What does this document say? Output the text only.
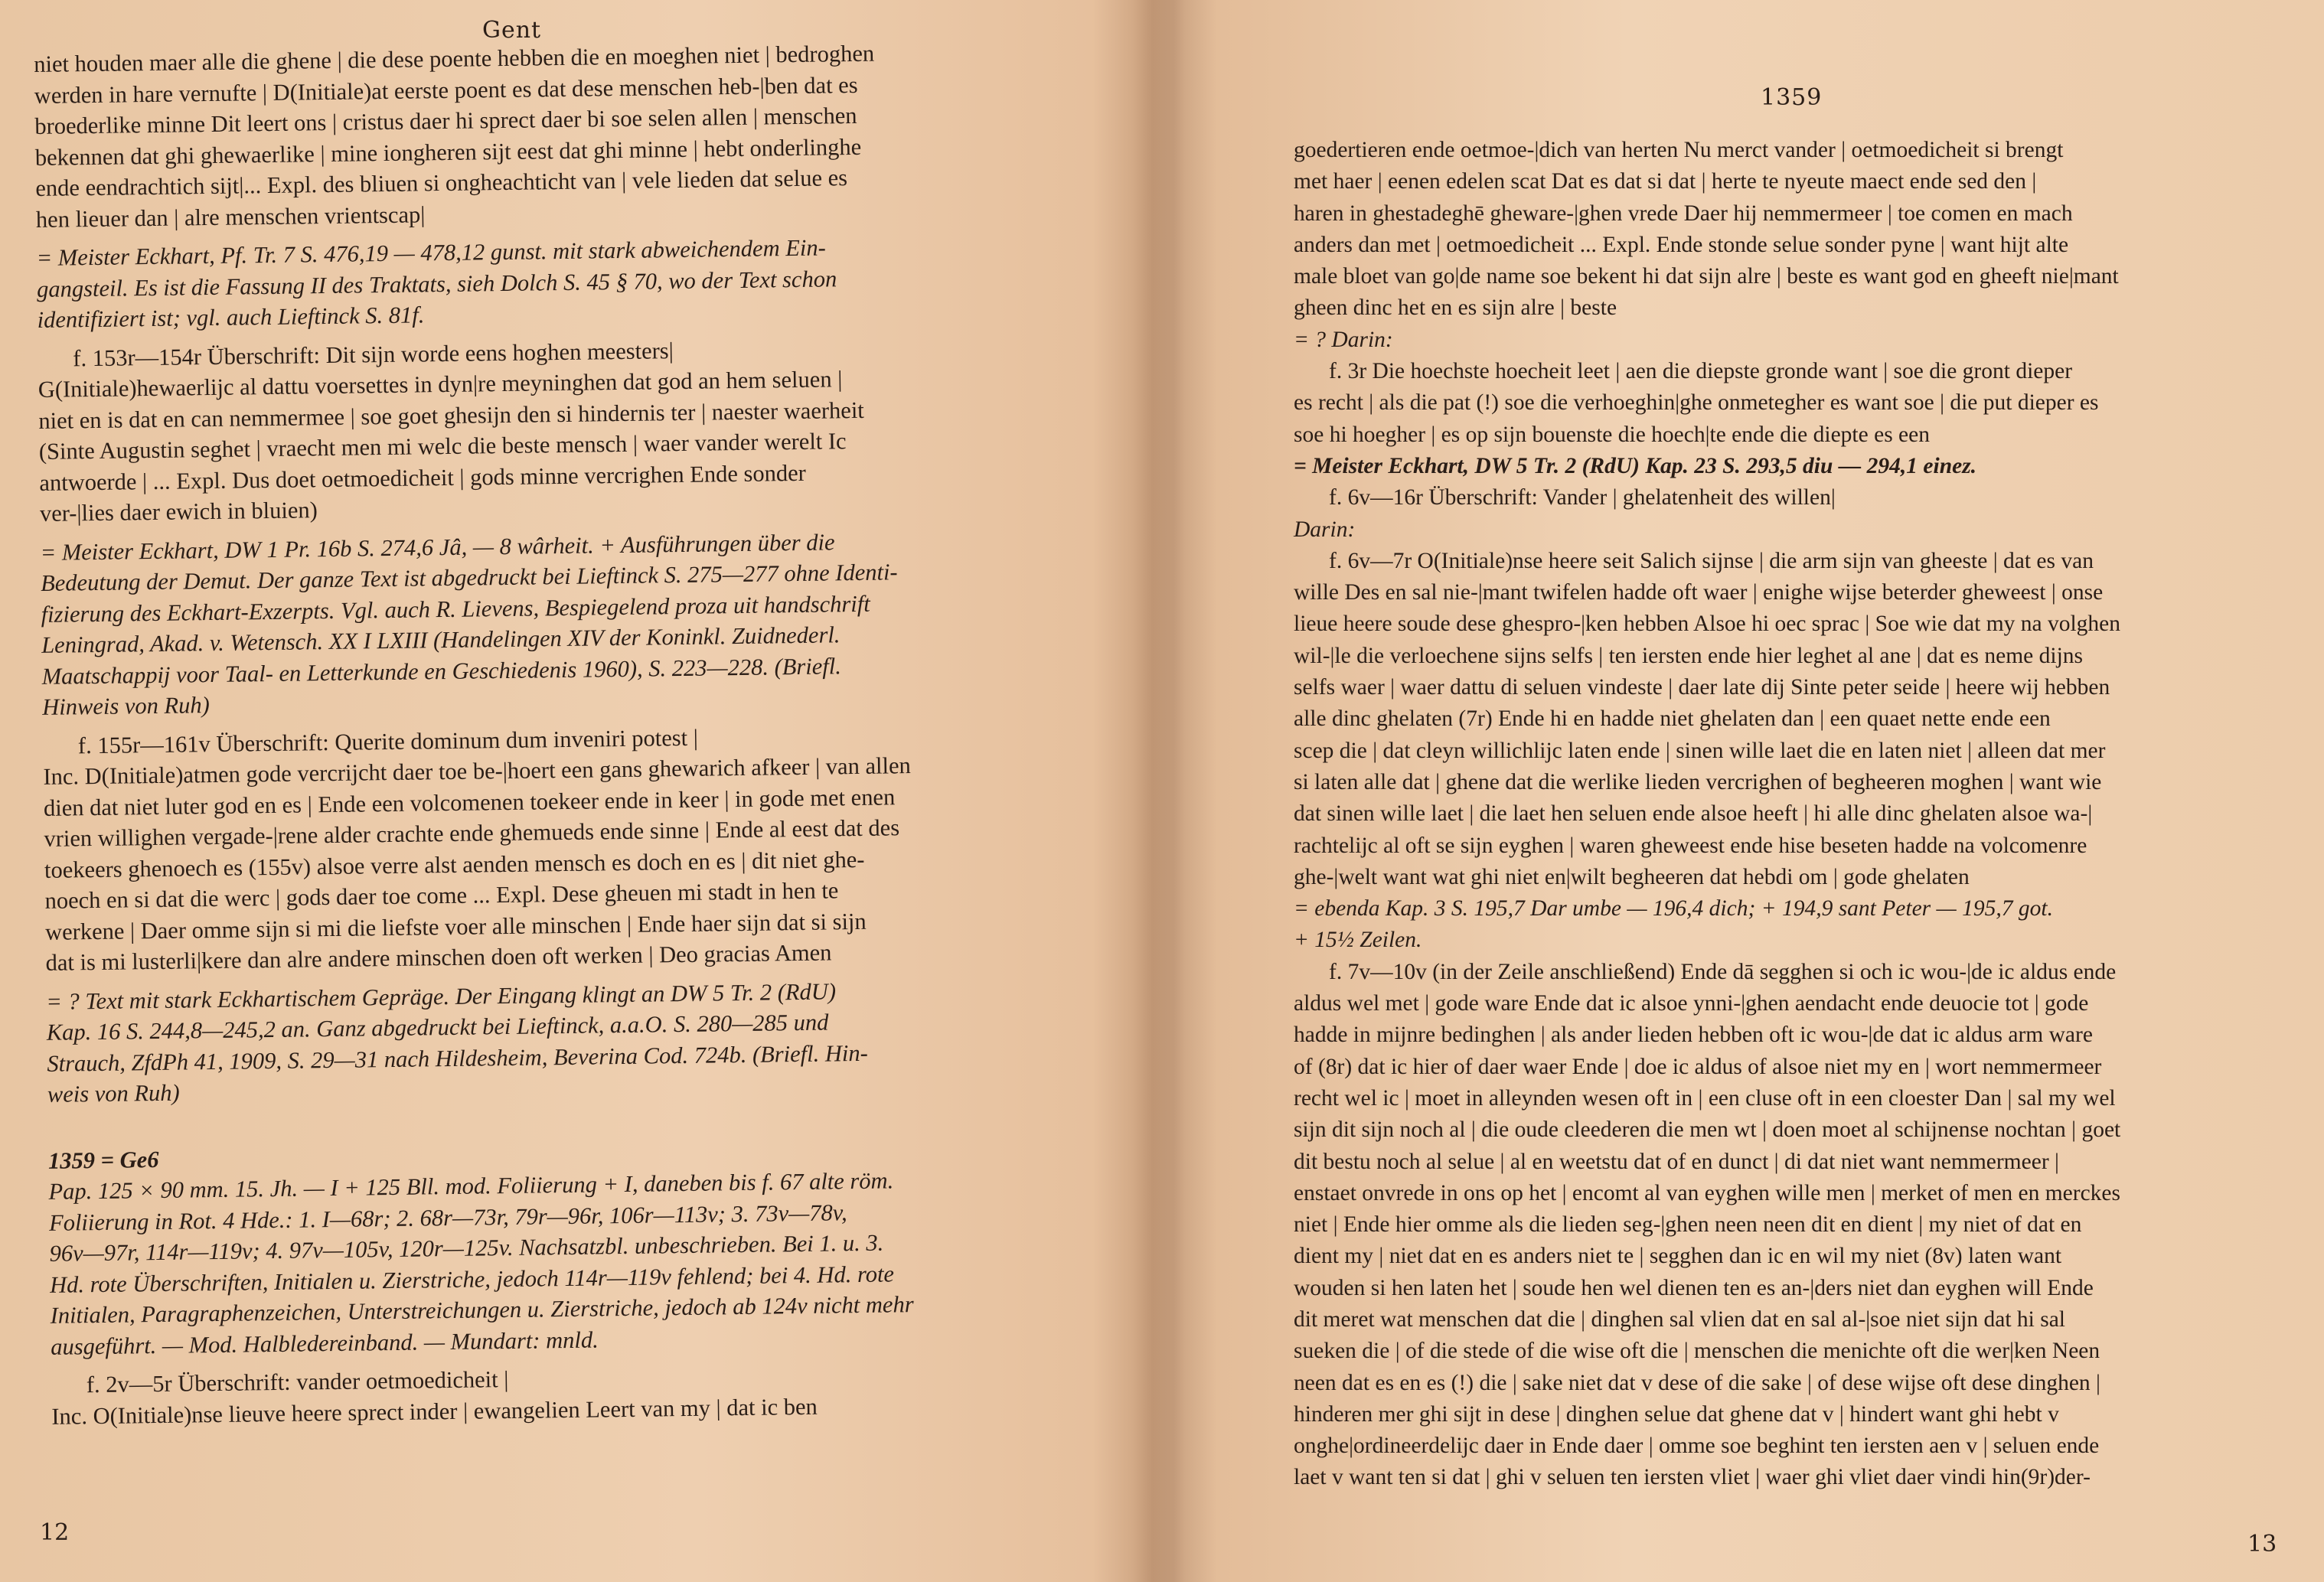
Gent
niet houden maer alle die ghene | die dese poente hebben die en moeghen niet | bedroghen
werden in hare vernufte | D(Initiale)at eerste poent es dat dese menschen heb-|ben dat es
broederlike minne Dit leert ons | cristus daer hi sprect daer bi soe selen allen | menschen
bekennen dat ghi ghewaerlike | mine iongheren sijt eest dat ghi minne | hebt onderlinghe
ende eendrachtich sijt|... Expl. des bliuen si ongheachticht van | vele lieden dat selue es
hen lieuer dan | alre menschen vrientscap|
= Meister Eckhart, Pf. Tr. 7 S. 476,19 — 478,12 gunst. mit stark abweichendem Ein-
gangsteil. Es ist die Fassung II des Traktats, sieh Dolch S. 45 § 70, wo der Text schon
identifiziert ist; vgl. auch Lieftinck S. 81f.
f. 153r—154r Überschrift: Dit sijn worde eens hoghen meesters|
G(Initiale)hewaerlijc al dattu voersettes in dyn|re meyninghen dat god an hem seluen |
niet en is dat en can nemmermee | soe goet ghesijn den si hindernis ter | naester waerheit
(Sinte Augustin seghet | vraecht men mi welc die beste mensch | waer vander werelt Ic
antwoerde | ... Expl. Dus doet oetmoedicheit | gods minne vercrighen Ende sonder
ver-|lies daer ewich in bluien)
= Meister Eckhart, DW 1 Pr. 16b S. 274,6 Jâ, — 8 wârheit. + Ausführungen über die
Bedeutung der Demut. Der ganze Text ist abgedruckt bei Lieftinck S. 275—277 ohne Identi-
fizierung des Eckhart-Exzerpts. Vgl. auch R. Lievens, Bespiegelend proza uit handschrift
Leningrad, Akad. v. Wetensch. XX I LXIII (Handelingen XIV der Koninkl. Zuidnederl.
Maatschappij voor Taal- en Letterkunde en Geschiedenis 1960), S. 223—228. (Briefl.
Hinweis von Ruh)
f. 155r—161v Überschrift: Querite dominum dum inveniri potest |
Inc. D(Initiale)atmen gode vercrijcht daer toe be-|hoert een gans ghewarich afkeer | van allen
dien dat niet luter god en es | Ende een volcomenen toekeer ende in keer | in gode met enen
vrien willighen vergade-|rene alder crachte ende ghemueds ende sinne | Ende al eest dat des
toekeers ghenoech es (155v) alsoe verre alst aenden mensch es doch en es | dit niet ghe-
noech en si dat die werc | gods daer toe come ... Expl. Dese gheuen mi stadt in hen te
werkene | Daer omme sijn si mi die liefste voer alle minschen | Ende haer sijn dat si sijn
dat is mi lusterli|kere dan alre andere minschen doen oft werken | Deo gracias Amen
= ? Text mit stark Eckhartischem Gepräge. Der Eingang klingt an DW 5 Tr. 2 (RdU)
Kap. 16 S. 244,8—245,2 an. Ganz abgedruckt bei Lieftinck, a.a.O. S. 280—285 und
Strauch, ZfdPh 41, 1909, S. 29—31 nach Hildesheim, Beverina Cod. 724b. (Briefl. Hin-
weis von Ruh)
1359 = Ge6
Pap. 125 × 90 mm. 15. Jh. — I + 125 Bll. mod. Foliierung + I, daneben bis f. 67 alte röm.
Foliierung in Rot. 4 Hde.: 1. I—68r; 2. 68r—73r, 79r—96r, 106r—113v; 3. 73v—78v,
96v—97r, 114r—119v; 4. 97v—105v, 120r—125v. Nachsatzbl. unbeschrieben. Bei 1. u. 3.
Hd. rote Überschriften, Initialen u. Zierstriche, jedoch 114r—119v fehlend; bei 4. Hd. rote
Initialen, Paragraphenzeichen, Unterstreichungen u. Zierstriche, jedoch ab 124v nicht mehr
ausgeführt. — Mod. Halbledereinband. — Mundart: mnld.
f. 2v—5r Überschrift: vander oetmoedicheit |
Inc. O(Initiale)nse lieuve heere sprect inder | ewangelien Leert van my | dat ic ben
12
1359
goedertieren ende oetmoe-|dich van herten Nu merct vander | oetmoedicheit si brengt
met haer | eenen edelen scat Dat es dat si dat | herte te nyeute maect ende sed den |
haren in ghestadeghē gheware-|ghen vrede Daer hij nemmermeer | toe comen en mach
anders dan met | oetmoedicheit ... Expl. Ende stonde selue sonder pyne | want hijt alte
male bloet van go|de name soe bekent hi dat sijn alre | beste es want god en gheeft nie|mant
gheen dinc het en es sijn alre | beste
= ? Darin:
f. 3r Die hoechste hoecheit leet | aen die diepste gronde want | soe die gront dieper
es recht | als die pat (!) soe die verhoeghin|ghe onmetegher es want soe | die put dieper es
soe hi hoegher | es op sijn bouenste die hoech|te ende die diepte es een
= Meister Eckhart, DW 5 Tr. 2 (RdU) Kap. 23 S. 293,5 diu — 294,1 einez.
f. 6v—16r Überschrift: Vander | ghelatenheit des willen|
Darin:
f. 6v—7r O(Initiale)nse heere seit Salich sijnse | die arm sijn van gheeste | dat es van
wille Des en sal nie-|mant twifelen hadde oft waer | enighe wijse beterder gheweest | onse
lieue heere soude dese ghespro-|ken hebben Alsoe hi oec sprac | Soe wie dat my na volghen
wil-|le die verloechene sijns selfs | ten iersten ende hier leghet al ane | dat es neme dijns
selfs waer | waer dattu di seluen vindeste | daer late dij Sinte peter seide | heere wij hebben
alle dinc ghelaten (7r) Ende hi en hadde niet ghelaten dan | een quaet nette ende een
scep die | dat cleyn willichlijc laten ende | sinen wille laet die en laten niet | alleen dat mer
si laten alle dat | ghene dat die werlike lieden vercrighen of begheeren moghen | want wie
dat sinen wille laet | die laet hen seluen ende alsoe heeft | hi alle dinc ghelaten alsoe wa-|
rachtelijc al oft se sijn eyghen | waren gheweest ende hise beseten hadde na volcomenre
ghe-|welt want wat ghi niet en|wilt begheeren dat hebdi om | gode ghelaten
= ebenda Kap. 3 S. 195,7 Dar umbe — 196,4 dich; + 194,9 sant Peter — 195,7 got.
+ 15½ Zeilen.
f. 7v—10v (in der Zeile anschließend) Ende dā segghen si och ic wou-|de ic aldus ende
aldus wel met | gode ware Ende dat ic alsoe ynni-|ghen aendacht ende deuocie tot | gode
hadde in mijnre bedinghen | als ander lieden hebben oft ic wou-|de dat ic aldus arm ware
of (8r) dat ic hier of daer waer Ende | doe ic aldus of alsoe niet my en | wort nemmermeer
recht wel ic | moet in alleynden wesen oft in | een cluse oft in een cloester Dan | sal my wel
sijn dit sijn noch al | die oude cleederen die men wt | doen moet al schijnense nochtan | goet
dit bestu noch al selue | al en weetstu dat of en dunct | di dat niet want nemmermeer |
enstaet onvrede in ons op het | encomt al van eyghen wille men | merket of men en merckes
niet | Ende hier omme als die lieden seg-|ghen neen neen dit en dient | my niet of dat en
dient my | niet dat en es anders niet te | segghen dan ic en wil my niet (8v) laten want
wouden si hen laten het | soude hen wel dienen ten es an-|ders niet dan eyghen will Ende
dit meret wat menschen dat die | dinghen sal vlien dat en sal al-|soe niet sijn dat hi sal
sueken die | of die stede of die wise oft die | menschen die menichte oft die wer|ken Neen
neen dat es en es (!) die | sake niet dat v dese of die sake | of dese wijse oft dese dinghen |
hinderen mer ghi sijt in dese | dinghen selue dat ghene dat v | hindert want ghi hebt v
onghe|ordineerdelijc daer in Ende daer | omme soe beghint ten iersten aen v | seluen ende
laet v want ten si dat | ghi v seluen ten iersten vliet | waer ghi vliet daer vindi hin(9r)der-
13
